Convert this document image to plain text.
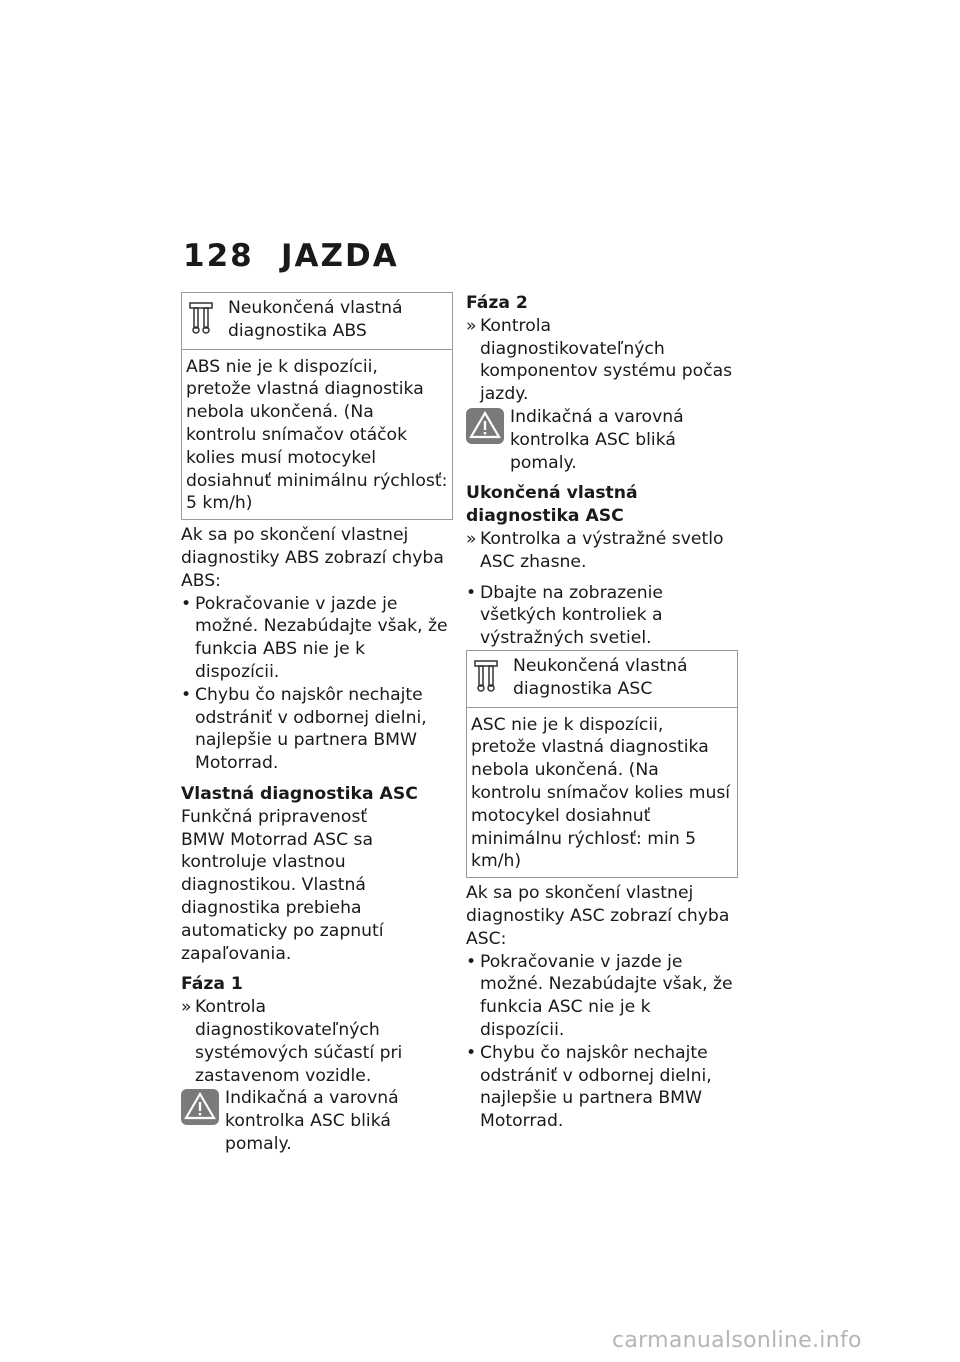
128 JAZDA
Neukončená vlastná diagnostika ABS
ABS nie je k dispozícii, pretože vlastná diagnostika nebola ukončená. (Na kontrolu snímačov otáčok kolies musí motocykel dosiahnuť minimálnu rýchlosť: 5 km/h)

Ak sa po skončení vlastnej diagnostiky ABS zobrazí chyba ABS:

• Pokračovanie v jazde je možné. Nezabúdajte však, že funkcia ABS nie je k dispozícii.
• Chybu čo najskôr nechajte odstrániť v odbornej dielni, najlepšie u partnera BMW Motorrad.

Vlastná diagnostika ASC

Funkčná pripravenosť

BMW Motorrad ASC sa kontroluje vlastnou diagnostikou. Vlastná diagnostika prebieha automaticky po zapnutí zapaľovania.

Fáza 1

» Kontrola diagnostikovateľných systémových súčastí pri zastavenom vozidle.
Indikačná a varovná kontrolka ASC bliká pomaly.

Fáza 2

» Kontrola diagnostikovateľných komponentov systému počas jazdy.
Indikačná a varovná kontrolka ASC bliká pomaly.

Ukončená vlastná diagnostika ASC

» Kontrolka a výstražné svetlo ASC zhasne.
• Dbajte na zobrazenie všetkých kontroliek a výstražných svetiel.
Neukončená vlastná diagnostika ASC
ASC nie je k dispozícii, pretože vlastná diagnostika nebola ukončená. (Na kontrolu snímačov kolies musí motocykel dosiahnuť minimálnu rýchlosť: min 5 km/h)

Ak sa po skončení vlastnej diagnostiky ASC zobrazí chyba ASC:

• Pokračovanie v jazde je možné. Nezabúdajte však, že funkcia ASC nie je k dispozícii.
• Chybu čo najskôr nechajte odstrániť v odbornej dielni, najlepšie u partnera BMW Motorrad.
carmanualsonline.info
